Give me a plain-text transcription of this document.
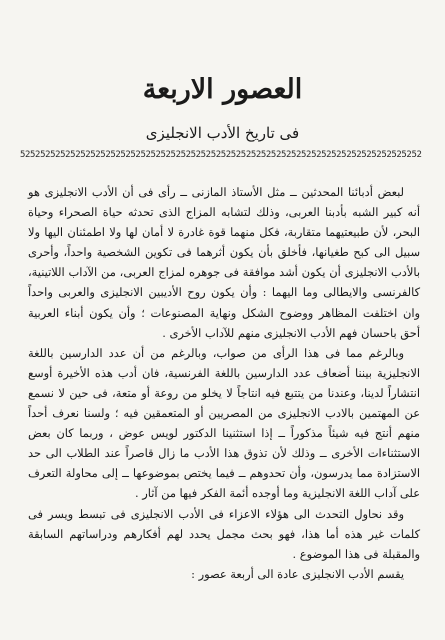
العصور الاربعة
فى تاريخ الأدب الانجليزى
52525252525252525252525252525252525252525252525252525252525252525252525252525252

لبعض أدبائنا المحدثين ــ مثل الأستاذ المازنى ــ رأى فى أن الأدب الانجليزى هو أنه كبير الشبه بأدبنا العربى، وذلك لتشابه المزاج الذى تحدثه حياة الصحراء وحياة البحر، لأن طبيعتيهما متقاربة، فكل منهما قوة غادرة لا أمان لها ولا اطمئنان اليها ولا سبيل الى كبح طغيانها، فأخلق بأن يكون أثرهما فى تكوين الشخصية واحداً، وأحرى بالأدب الانجليزى أن يكون أشد موافقة فى جوهره لمزاج العربى، من الآداب اللاتينية، كالفرنسى والايطالى وما اليهما : وأن يكون روح الأديبين الانجليزى والعربى واحداً وان اختلفت المظاهر ووضوح الشكل ونهاية المصنوعات ؛ وأن يكون أبناء العربية أحق باحسان فهم الأدب الانجليزى منهم للآداب الأخرى .

وبالرغم مما فى هذا الرأى من صواب، وبالرغم من أن عدد الدارسين باللغة الانجليزية بيننا أضعاف عدد الدارسين باللغة الفرنسية، فان أدب هذه الأخيرة أوسع انتشاراً لدينا، وعندنا من يتتبع فيه انتاجاً لا يخلو من روعة أو متعة، فى حين لا نسمع عن المهتمين بالادب الانجليزى من المصريين أو المتعمقين فيه ؛ ولسنا نعرف أحداً منهم أنتج فيه شيئاً مذكوراً ــ إذا استثنينا الدكتور لويس عوض ، وربما كان بعض الاستثناءات الأخرى ــ وذلك لأن تذوق هذا الأدب ما زال قاصراً عند الطلاب الى حد الاستزادة مما يدرسون، وأن تحدوهم ــ فيما يختص بموضوعها ــ إلى محاولة التعرف على آداب اللغة الانجليزية وما أوجده أئمة الفكر فيها من آثار .

وقد نحاول التحدث الى هؤلاء الاعزاء فى الأدب الانجليزى فى تبسط ويسر فى كلمات غير هذه أما هذا، فهو بحث مجمل يحدد لهم أفكارهم ودراساتهم السابقة والمقبلة فى هذا الموضوع .

يقسم الأدب الانجليزى عادة الى أربعة عصور :
